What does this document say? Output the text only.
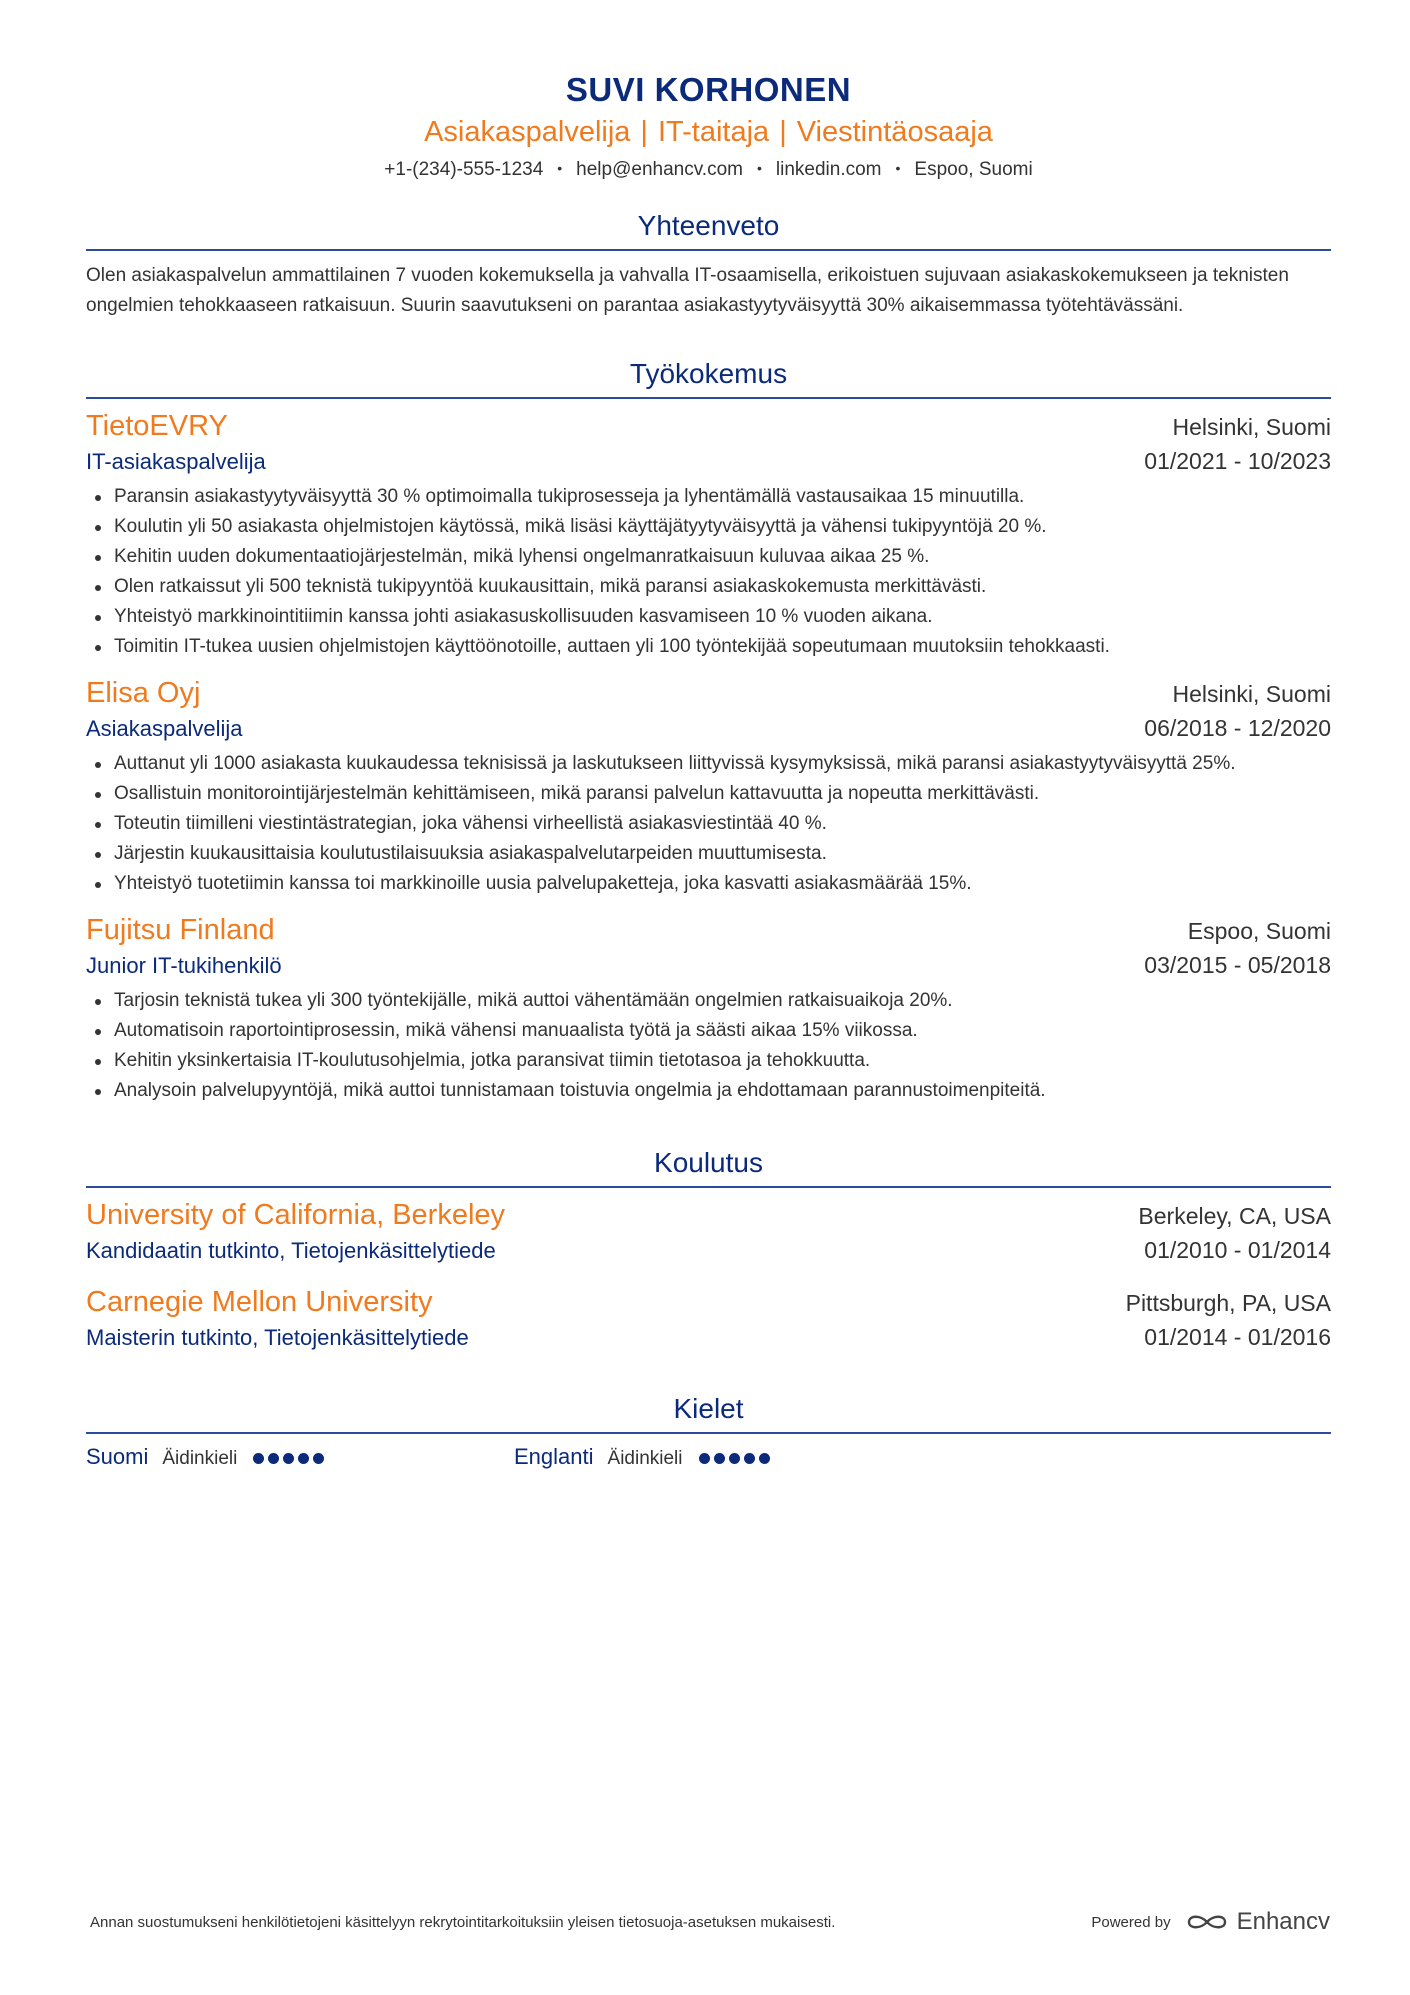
SUVI KORHONEN
Asiakaspalvelija | IT-taitaja | Viestintäosaaja
+1-(234)-555-1234 • help@enhancv.com • linkedin.com • Espoo, Suomi
Yhteenveto
Olen asiakaspalvelun ammattilainen 7 vuoden kokemuksella ja vahvalla IT-osaamisella, erikoistuen sujuvaan asiakaskokemukseen ja teknisten ongelmien tehokkaaseen ratkaisuun. Suurin saavutukseni on parantaa asiakastyytyväisyyttä 30% aikaisemmassa työtehtävässäni.
Työkokemus
TietoEVRY	Helsinki, Suomi
IT-asiakaspalvelija	01/2021 - 10/2023
Paransin asiakastyytyväisyyttä 30 % optimoimalla tukiprosesseja ja lyhentämällä vastausaikaa 15 minuutilla.
Koulutin yli 50 asiakasta ohjelmistojen käytössä, mikä lisäsi käyttäjätyytyväisyyttä ja vähensi tukipyyntöjä 20 %.
Kehitin uuden dokumentaatiojärjestelmän, mikä lyhensi ongelmanratkaisuun kuluvaa aikaa 25 %.
Olen ratkaissut yli 500 teknistä tukipyyntöä kuukausittain, mikä paransi asiakaskokemusta merkittävästi.
Yhteistyö markkinointitiimin kanssa johti asiakasuskollisuuden kasvamiseen 10 % vuoden aikana.
Toimitin IT-tukea uusien ohjelmistojen käyttöönotoille, auttaen yli 100 työntekijää sopeutumaan muutoksiin tehokkaasti.
Elisa Oyj	Helsinki, Suomi
Asiakaspalvelija	06/2018 - 12/2020
Auttanut yli 1000 asiakasta kuukaudessa teknisissä ja laskutukseen liittyvissä kysymyksissä, mikä paransi asiakastyytyväisyyttä 25%.
Osallistuin monitorointijärjestelmän kehittämiseen, mikä paransi palvelun kattavuutta ja nopeutta merkittävästi.
Toteutin tiimilleni viestintästrategian, joka vähensi virheellistä asiakasviestintää 40 %.
Järjestin kuukausittaisia koulutustilaisuuksia asiakaspalvelutarpeiden muuttumisesta.
Yhteistyö tuotetiimin kanssa toi markkinoille uusia palvelupaketteja, joka kasvatti asiakasmäärää 15%.
Fujitsu Finland	Espoo, Suomi
Junior IT-tukihenkilö	03/2015 - 05/2018
Tarjosin teknistä tukea yli 300 työntekijälle, mikä auttoi vähentämään ongelmien ratkaisuaikoja 20%.
Automatisoin raportointiprosessin, mikä vähensi manuaalista työtä ja säästi aikaa 15% viikossa.
Kehitin yksinkertaisia IT-koulutusohjelmia, jotka paransivat tiimin tietotasoa ja tehokkuutta.
Analysoin palvelupyyntöjä, mikä auttoi tunnistamaan toistuvia ongelmia ja ehdottamaan parannustoimenpiteitä.
Koulutus
University of California, Berkeley	Berkeley, CA, USA
Kandidaatin tutkinto, Tietojenkäsittelytiede	01/2010 - 01/2014
Carnegie Mellon University	Pittsburgh, PA, USA
Maisterin tutkinto, Tietojenkäsittelytiede	01/2014 - 01/2016
Kielet
Suomi Äidinkieli	Englanti Äidinkieli
Annan suostumukseni henkilötietojeni käsittelyyn rekrytointitarkoituksiin yleisen tietosuoja-asetuksen mukaisesti.	Powered by	Enhancv
